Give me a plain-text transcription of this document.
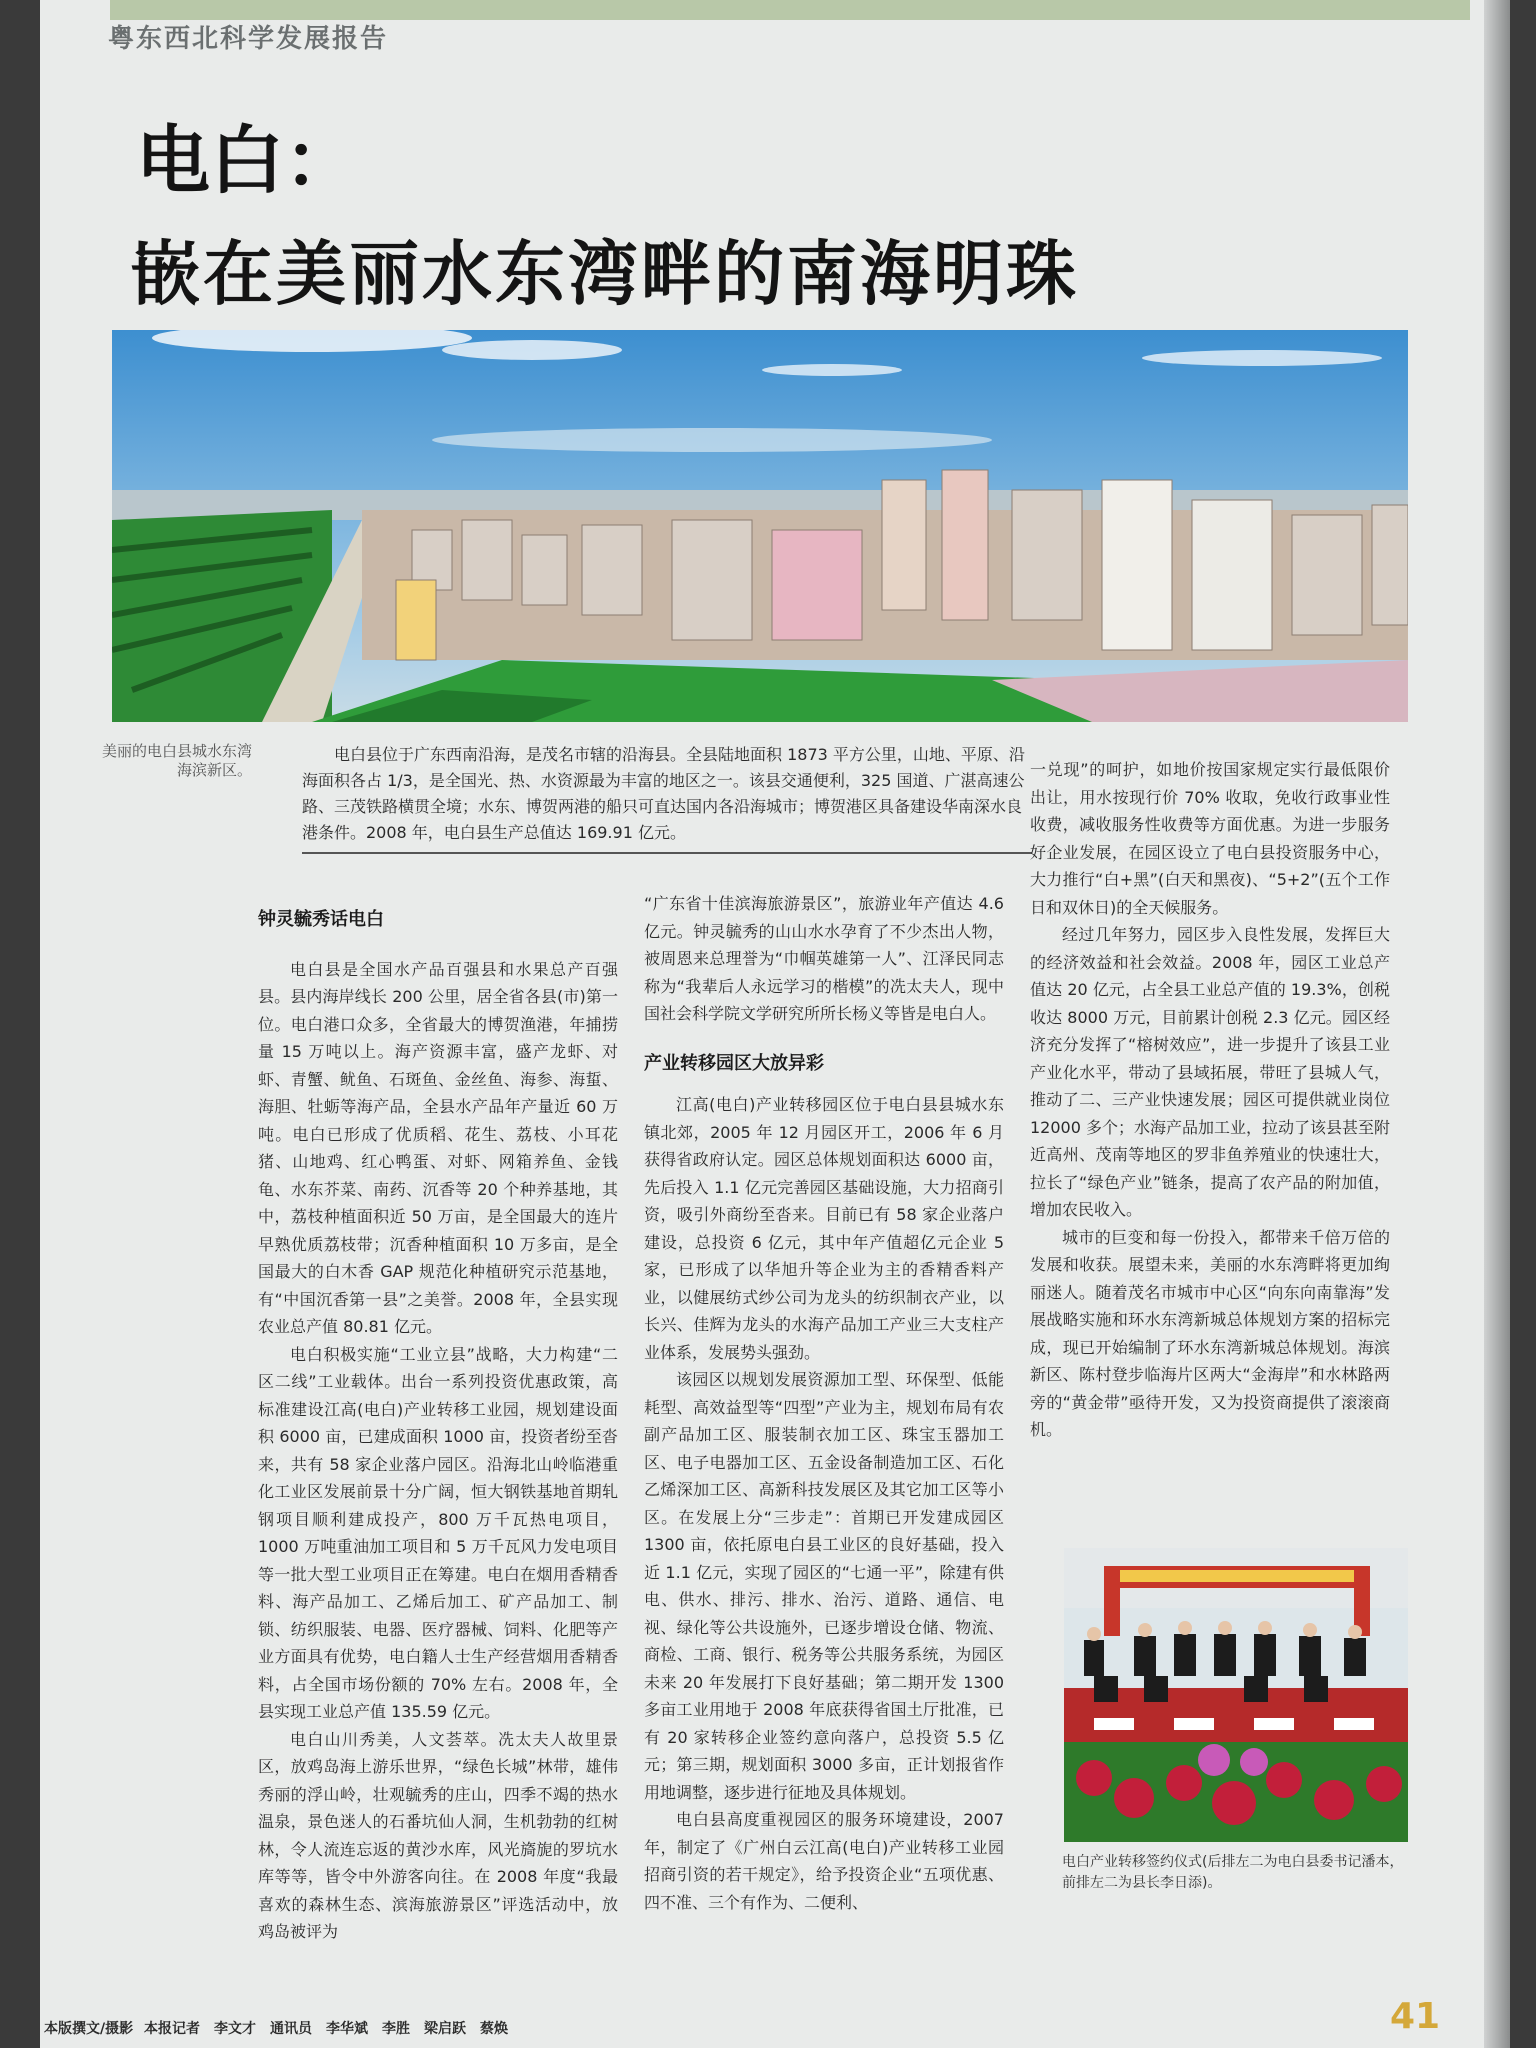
粤东西北科学发展报告
电白：
嵌在美丽水东湾畔的南海明珠
美丽的电白县城水东湾海滨新区。
电白县位于广东西南沿海，是茂名市辖的沿海县。全县陆地面积 1873 平方公里，山地、平原、沿海面积各占 1/3，是全国光、热、水资源最为丰富的地区之一。该县交通便利，325 国道、广湛高速公路、三茂铁路横贯全境；水东、博贺两港的船只可直达国内各沿海城市；博贺港区具备建设华南深水良港条件。2008 年，电白县生产总值达 169.91 亿元。
钟灵毓秀话电白

电白县是全国水产品百强县和水果总产百强县。县内海岸线长 200 公里，居全省各县(市)第一位。电白港口众多，全省最大的博贺渔港，年捕捞量 15 万吨以上。海产资源丰富，盛产龙虾、对虾、青蟹、鱿鱼、石斑鱼、金丝鱼、海参、海蜇、海胆、牡蛎等海产品，全县水产品年产量近 60 万吨。电白已形成了优质稻、花生、荔枝、小耳花猪、山地鸡、红心鸭蛋、对虾、网箱养鱼、金钱龟、水东芥菜、南药、沉香等 20 个种养基地，其中，荔枝种植面积近 50 万亩，是全国最大的连片早熟优质荔枝带；沉香种植面积 10 万多亩，是全国最大的白木香 GAP 规范化种植研究示范基地，有“中国沉香第一县”之美誉。2008 年，全县实现农业总产值 80.81 亿元。

电白积极实施“工业立县”战略，大力构建“二区二线”工业载体。出台一系列投资优惠政策，高标准建设江高(电白)产业转移工业园，规划建设面积 6000 亩，已建成面积 1000 亩，投资者纷至沓来，共有 58 家企业落户园区。沿海北山岭临港重化工业区发展前景十分广阔，恒大钢铁基地首期轧钢项目顺利建成投产，800 万千瓦热电项目，1000 万吨重油加工项目和 5 万千瓦风力发电项目等一批大型工业项目正在筹建。电白在烟用香精香料、海产品加工、乙烯后加工、矿产品加工、制锁、纺织服装、电器、医疗器械、饲料、化肥等产业方面具有优势，电白籍人士生产经营烟用香精香料，占全国市场份额的 70% 左右。2008 年，全县实现工业总产值 135.59 亿元。

电白山川秀美，人文荟萃。冼太夫人故里景区，放鸡岛海上游乐世界，“绿色长城”林带，雄伟秀丽的浮山岭，壮观毓秀的庄山，四季不竭的热水温泉，景色迷人的石番坑仙人洞，生机勃勃的红树林，令人流连忘返的黄沙水库，风光旖旎的罗坑水库等等，皆令中外游客向往。在 2008 年度“我最喜欢的森林生态、滨海旅游景区”评选活动中，放鸡岛被评为

“广东省十佳滨海旅游景区”，旅游业年产值达 4.6 亿元。钟灵毓秀的山山水水孕育了不少杰出人物，被周恩来总理誉为“巾帼英雄第一人”、江泽民同志称为“我辈后人永远学习的楷模”的冼太夫人，现中国社会科学院文学研究所所长杨义等皆是电白人。

产业转移园区大放异彩

江高(电白)产业转移园区位于电白县县城水东镇北郊，2005 年 12 月园区开工，2006 年 6 月获得省政府认定。园区总体规划面积达 6000 亩，先后投入 1.1 亿元完善园区基础设施，大力招商引资，吸引外商纷至沓来。目前已有 58 家企业落户建设，总投资 6 亿元，其中年产值超亿元企业 5 家，已形成了以华旭升等企业为主的香精香料产业，以健展纺式纱公司为龙头的纺织制衣产业，以长兴、佳辉为龙头的水海产品加工产业三大支柱产业体系，发展势头强劲。

该园区以规划发展资源加工型、环保型、低能耗型、高效益型等“四型”产业为主，规划布局有农副产品加工区、服装制衣加工区、珠宝玉器加工区、电子电器加工区、五金设备制造加工区、石化乙烯深加工区、高新科技发展区及其它加工区等小区。在发展上分“三步走”：首期已开发建成园区 1300 亩，依托原电白县工业区的良好基础，投入近 1.1 亿元，实现了园区的“七通一平”，除建有供电、供水、排污、排水、治污、道路、通信、电视、绿化等公共设施外，已逐步增设仓储、物流、商检、工商、银行、税务等公共服务系统，为园区未来 20 年发展打下良好基础；第二期开发 1300 多亩工业用地于 2008 年底获得省国土厅批准，已有 20 家转移企业签约意向落户，总投资 5.5 亿元；第三期，规划面积 3000 多亩，正计划报省作用地调整，逐步进行征地及具体规划。

电白县高度重视园区的服务环境建设，2007 年，制定了《广州白云江高(电白)产业转移工业园招商引资的若干规定》，给予投资企业“五项优惠、四不准、三个有作为、二便利、

一兑现”的呵护，如地价按国家规定实行最低限价出让，用水按现行价 70% 收取，免收行政事业性收费，减收服务性收费等方面优惠。为进一步服务好企业发展，在园区设立了电白县投资服务中心，大力推行“白+黑”(白天和黑夜)、“5+2”(五个工作日和双休日)的全天候服务。

经过几年努力，园区步入良性发展，发挥巨大的经济效益和社会效益。2008 年，园区工业总产值达 20 亿元，占全县工业总产值的 19.3%，创税收达 8000 万元，目前累计创税 2.3 亿元。园区经济充分发挥了“榕树效应”，进一步提升了该县工业产业化水平，带动了县域拓展，带旺了县城人气，推动了二、三产业快速发展；园区可提供就业岗位 12000 多个；水海产品加工业，拉动了该县甚至附近高州、茂南等地区的罗非鱼养殖业的快速壮大，拉长了“绿色产业”链条，提高了农产品的附加值，增加农民收入。

城市的巨变和每一份投入，都带来千倍万倍的发展和收获。展望未来，美丽的水东湾畔将更加绚丽迷人。随着茂名市城市中心区“向东向南靠海”发展战略实施和环水东湾新城总体规划方案的招标完成，现已开始编制了环水东湾新城总体规划。海滨新区、陈村登步临海片区两大“金海岸”和水林路两旁的“黄金带”亟待开发，又为投资商提供了滚滚商机。

电白产业转移签约仪式(后排左二为电白县委书记潘本，前排左二为县长李日添)。
本版撰文/摄影 本报记者　李文才　通讯员　李华斌　李胜　梁启跃　蔡焕	41
